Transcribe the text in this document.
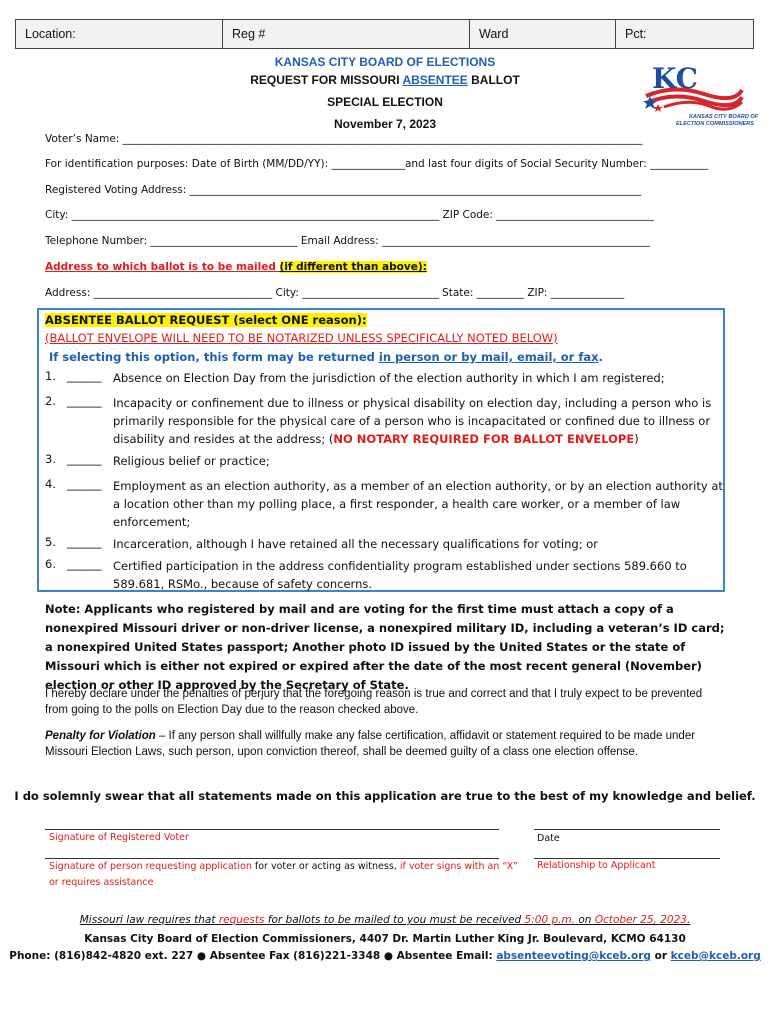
Location:	Reg #	Ward	Pct:
KANSAS CITY BOARD OF ELECTIONS
REQUEST FOR MISSOURI ABSENTEE BALLOT
SPECIAL ELECTION
November 7, 2023
KC
KANSAS CITY BOARD OF
ELECTION COMMISSIONERS
Voter’s Name: ___________________________________________________________________________________________________
For identification purposes: Date of Birth (MM/DD/YY): ______________and last four digits of Social Security Number: ___________
Registered Voting Address: ______________________________________________________________________________________
City: ______________________________________________________________________ ZIP Code: ______________________________
Telephone Number: ____________________________ Email Address: ___________________________________________________
Address to which ballot is to be mailed (if different than above):
Address: __________________________________ City: __________________________ State: _________ ZIP: ______________
ABSENTEE BALLOT REQUEST (select ONE reason):
(BALLOT ENVELOPE WILL NEED TO BE NOTARIZED UNLESS SPECIFICALLY NOTED BELOW)
If selecting this option, this form may be returned in person or by mail, email, or fax.
1. ______ Absence on Election Day from the jurisdiction of the election authority in which I am registered;
2. ______ Incapacity or confinement due to illness or physical disability on election day, including a person who is primarily responsible for the physical care of a person who is incapacitated or confined due to illness or disability and resides at the address; (NO NOTARY REQUIRED FOR BALLOT ENVELOPE)
3. ______ Religious belief or practice;
4. ______ Employment as an election authority, as a member of an election authority, or by an election authority at a location other than my polling place, a first responder, a health care worker, or a member of law enforcement;
5. ______ Incarceration, although I have retained all the necessary qualifications for voting; or
6. ______ Certified participation in the address confidentiality program established under sections 589.660 to 589.681, RSMo., because of safety concerns.
Note: Applicants who registered by mail and are voting for the first time must attach a copy of a nonexpired Missouri driver or non-driver license, a nonexpired military ID, including a veteran’s ID card; a nonexpired United States passport; Another photo ID issued by the United States or the state of Missouri which is either not expired or expired after the date of the most recent general (November) election or other ID approved by the Secretary of State.
I hereby declare under the penalties of perjury that the foregoing reason is true and correct and that I truly expect to be prevented from going to the polls on Election Day due to the reason checked above.
Penalty for Violation – If any person shall willfully make any false certification, affidavit or statement required to be made under Missouri Election Laws, such person, upon conviction thereof, shall be deemed guilty of a class one election offense.
I do solemnly swear that all statements made on this application are true to the best of my knowledge and belief.
Signature of Registered Voter	Date
Signature of person requesting application for voter or acting as witness, if voter signs with an “X”
or requires assistance
Relationship to Applicant
Missouri law requires that requests for ballots to be mailed to you must be received 5:00 p.m. on October 25, 2023.
Kansas City Board of Election Commissioners, 4407 Dr. Martin Luther King Jr. Boulevard, KCMO 64130
Phone: (816)842-4820 ext. 227 ● Absentee Fax (816)221-3348 ● Absentee Email: absenteevoting@kceb.org or kceb@kceb.org
